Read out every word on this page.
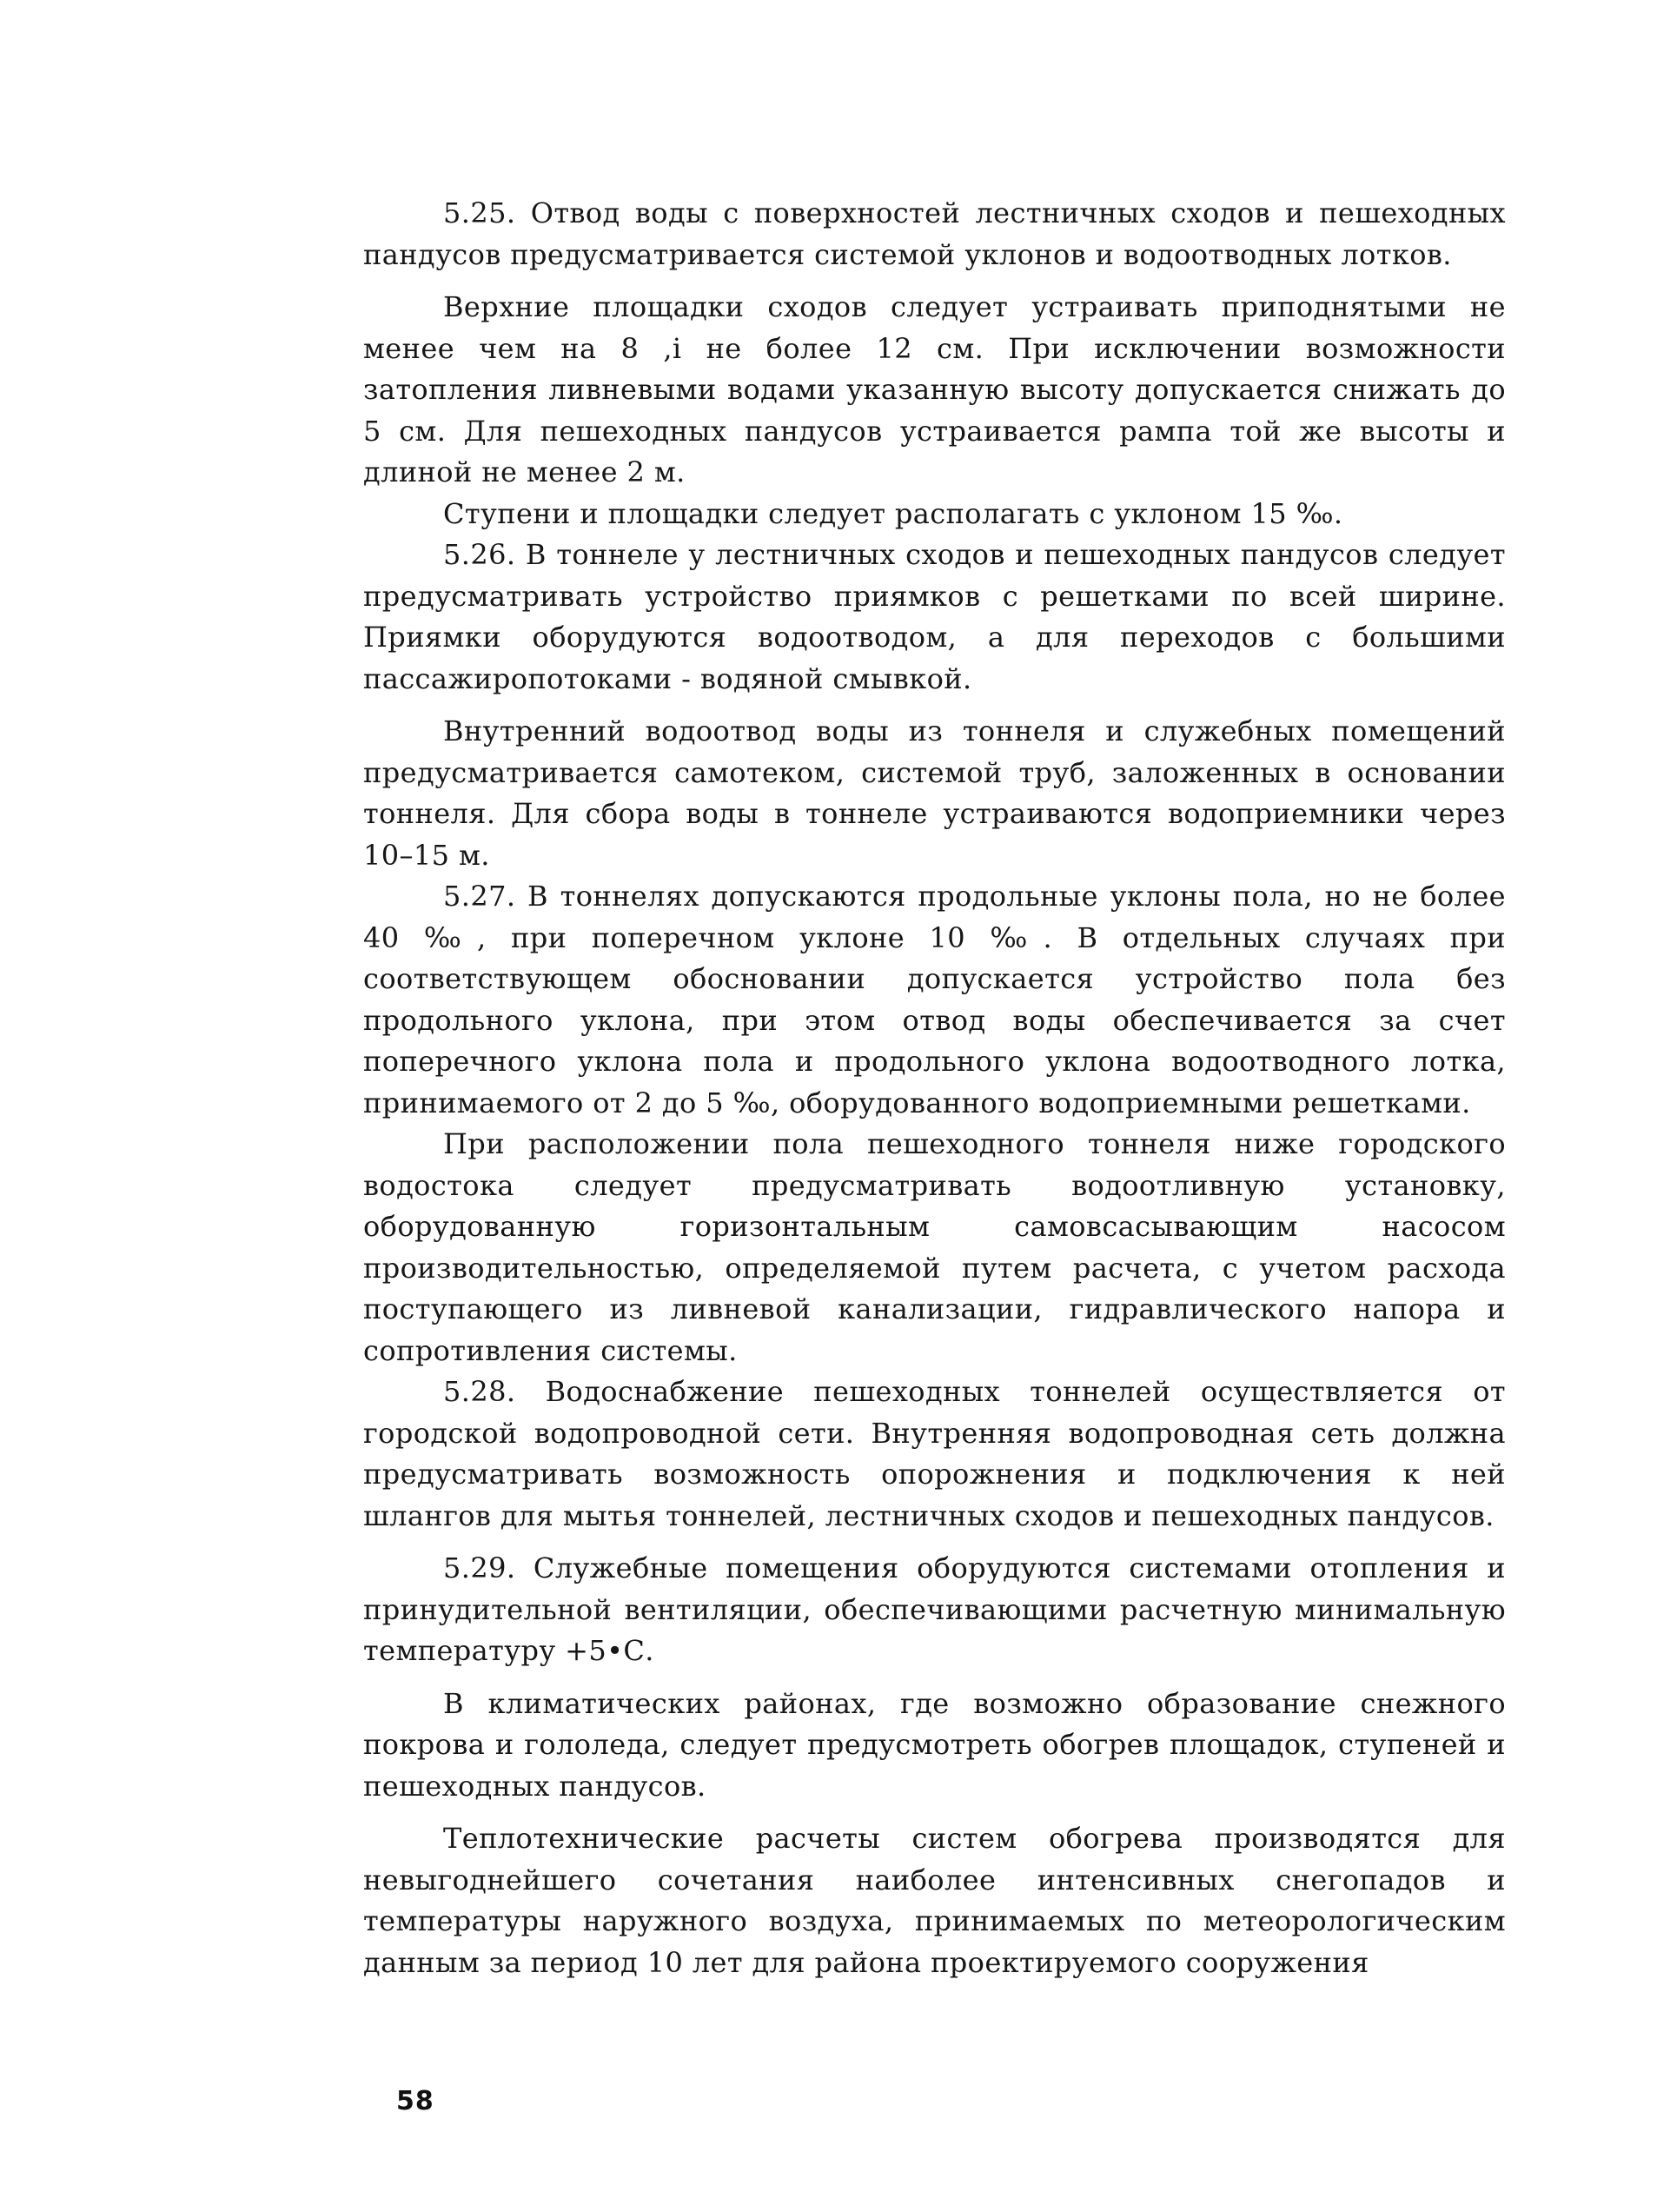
5.25. Отвод воды с поверхностей лестничных сходов и пешеходных пандусов предусматривается системой уклонов и водоотводных лотков.

Верхние площадки сходов следует устраивать приподнятыми не менее чем на 8 ,і не более 12 см. При исключении возможности затопления ливневыми водами указанную высоту допускается снижать до 5 см. Для пешеходных пандусов устраивается рампа той же высоты и длиной не менее 2 м.

Ступени и площадки следует располагать с уклоном 15 ‰.

5.26. В тоннеле у лестничных сходов и пешеходных пандусов следует предусматривать устройство приямков с решетками по всей ширине. Приямки оборудуются водоотводом, а для переходов с большими пассажиропотоками - водяной смывкой.

Внутренний водоотвод воды из тоннеля и служебных помещений предусматривается самотеком, системой труб, заложенных в основании тоннеля. Для сбора воды в тоннеле устраиваются водоприемники через 10–15 м.

5.27. В тоннелях допускаются продольные уклоны пола, но не более 40 ‰, при поперечном уклоне 10 ‰. В отдельных случаях при соответствующем обосновании допускается устройство пола без продольного уклона, при этом отвод воды обеспечивается за счет поперечного уклона пола и продольного уклона водоотводного лотка, принимаемого от 2 до 5 ‰, оборудованного водоприемными решетками.

При расположении пола пешеходного тоннеля ниже городского водостока следует предусматривать водоотливную установку, оборудованную горизонтальным самовсасывающим насосом производительностью, определяемой путем расчета, с учетом расхода поступающего из ливневой канализации, гидравлического напора и сопротивления системы.

5.28. Водоснабжение пешеходных тоннелей осуществляется от городской водопроводной сети. Внутренняя водопроводная сеть должна предусматривать возможность опорожнения и подключения к ней шлангов для мытья тоннелей, лестничных сходов и пешеходных пандусов.

5.29. Служебные помещения оборудуются системами отопления и принудительной вентиляции, обеспечивающими расчетную минимальную температуру +5•С.

В климатических районах, где возможно образование снежного покрова и гололеда, следует предусмотреть обогрев площадок, ступеней и пешеходных пандусов.

Теплотехнические расчеты систем обогрева производятся для невыгоднейшего сочетания наиболее интенсивных снегопадов и температуры наружного воздуха, принимаемых по метеорологическим данным за период 10 лет для района проектируемого сооружения

58
